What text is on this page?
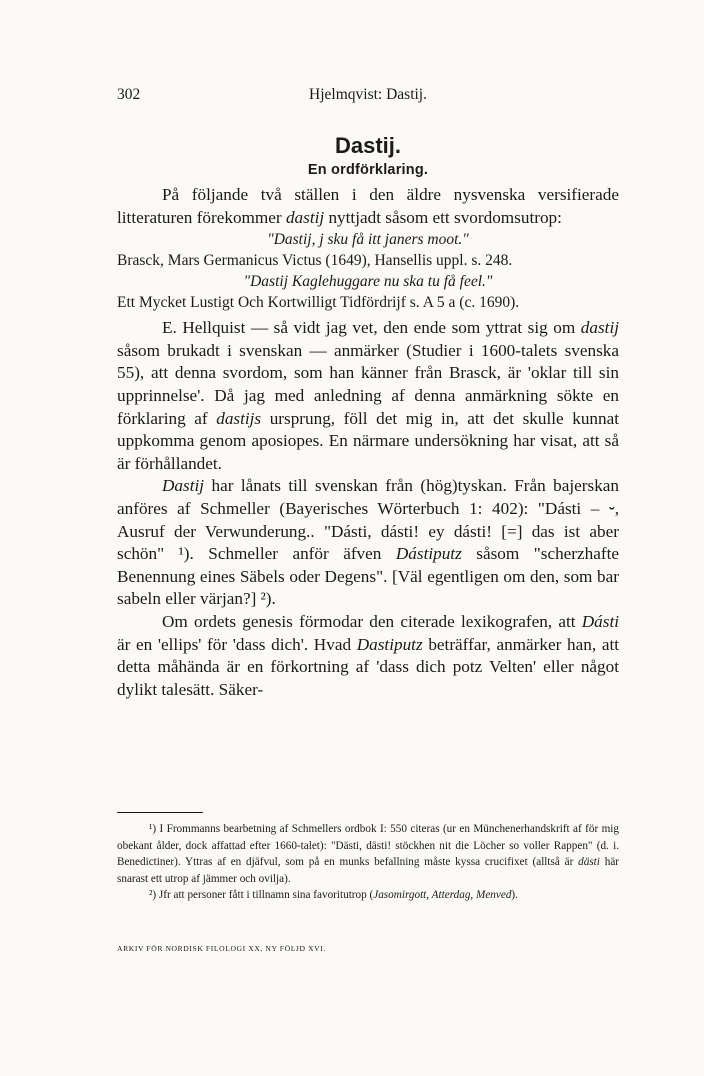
302	Hjelmqvist: Dastij.
Dastij.
En ordförklaring.

På följande två ställen i den äldre nysvenska versifierade litteraturen förekommer dastij nyttjadt såsom ett svordomsutrop:

"Dastij, j sku få itt janers moot."

Brasck, Mars Germanicus Victus (1649), Hansellis uppl. s. 248.

"Dastij Kaglehuggare nu ska tu få feel."

Ett Mycket Lustigt Och Kortwilligt Tidfördrijf s. A 5 a (c. 1690).

E. Hellquist — så vidt jag vet, den ende som yttrat sig om dastij såsom brukadt i svenskan — anmärker (Studier i 1600-talets svenska 55), att denna svordom, som han känner från Brasck, är 'oklar till sin upprinnelse'. Då jag med anledning af denna anmärkning sökte en förklaring af dastijs ursprung, föll det mig in, att det skulle kunnat uppkomma genom aposiopes. En närmare undersökning har visat, att så är förhållandet.

Dastij har lånats till svenskan från (hög)tyskan. Från bajerskan anföres af Schmeller (Bayerisches Wörterbuch 1: 402): "Dásti – ⏑, Ausruf der Verwunderung.. "Dásti, dásti! ey dásti! [=] das ist aber schön" ¹). Schmeller anför äfven Dástiputz såsom "scherzhafte Benennung eines Säbels oder Degens". [Väl egentligen om den, som bar sabeln eller värjan?] ²).

Om ordets genesis förmodar den citerade lexikografen, att Dásti är en 'ellips' för 'dass dich'. Hvad Dastiputz beträffar, anmärker han, att detta måhända är en förkortning af 'dass dich potz Velten' eller något dylikt talesätt. Säker-

¹) I Frommanns bearbetning af Schmellers ordbok I: 550 citeras (ur en Münchenerhandskrift af för mig obekant ålder, dock affattad efter 1660-talet): "Dästi, dästi! stöckhen nit die Löcher so voller Rappen" (d. i. Benedictiner). Yttras af en djäfvul, som på en munks befallning måste kyssa crucifixet (alltså är dästi här snarast ett utrop af jämmer och ovilja).

²) Jfr att personer fått i tillnamn sina favoritutrop (Jasomirgott, Atterdag, Menved).

ARKIV FÖR NORDISK FILOLOGI XX, NY FÖLJD XVI.
